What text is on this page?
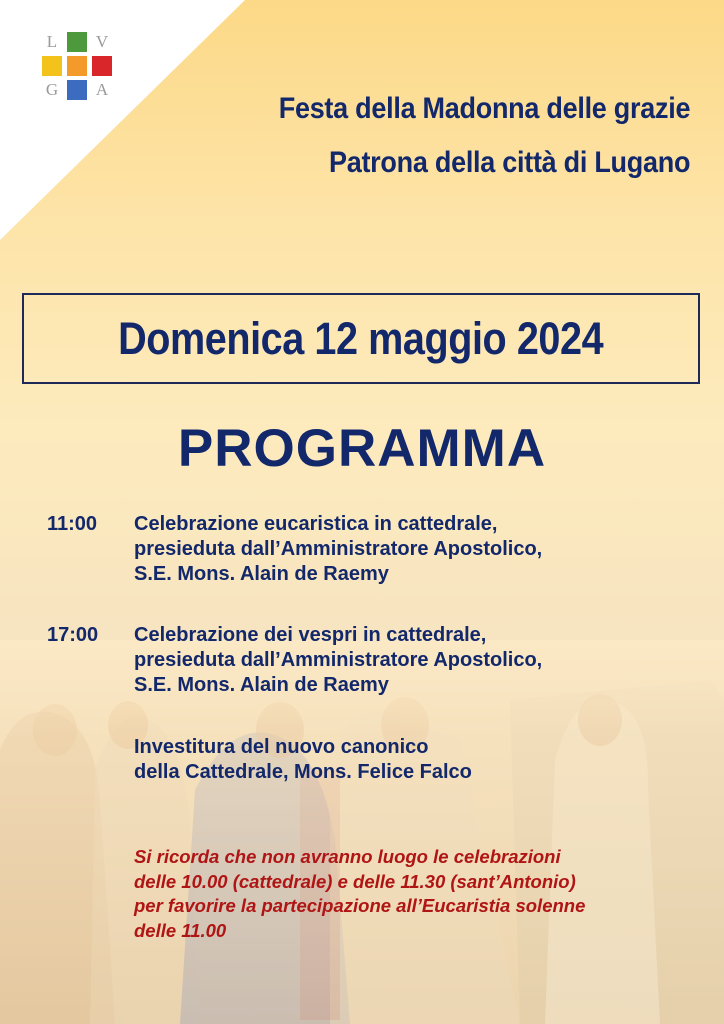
L V
G A
Festa della Madonna delle grazie
Patrona della città di Lugano
Domenica 12 maggio 2024
PROGRAMMA
11:00	Celebrazione eucaristica in cattedrale,
presieduta dall’Amministratore Apostolico,
S.E. Mons. Alain de Raemy
17:00	Celebrazione dei vespri in cattedrale,
presieduta dall’Amministratore Apostolico,
S.E. Mons. Alain de Raemy
Investitura del nuovo canonico
della Cattedrale, Mons. Felice Falco
Si ricorda che non avranno luogo le celebrazioni
delle 10.00 (cattedrale) e delle 11.30 (sant’Antonio)
per favorire la partecipazione all’Eucaristia solenne
delle 11.00
